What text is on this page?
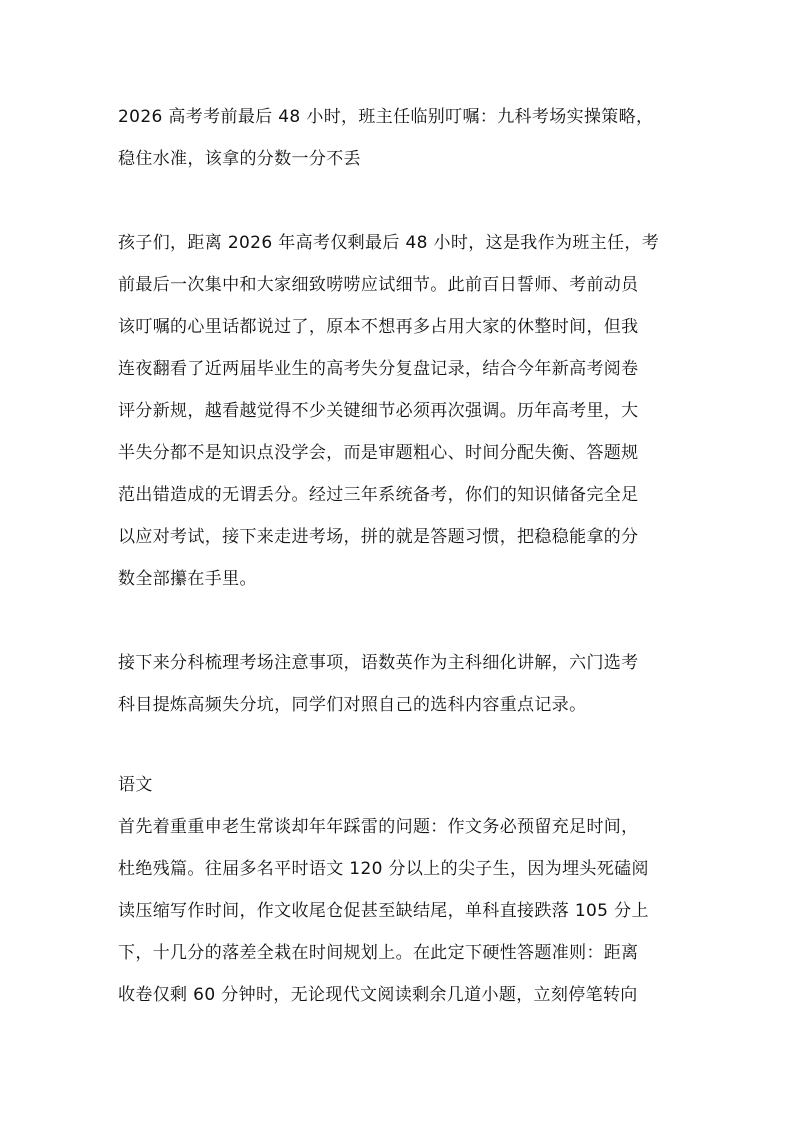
2026 高考考前最后 48 小时，班主任临别叮嘱：九科考场实操策略，
稳住水准，该拿的分数一分不丢
孩子们，距离 2026 年高考仅剩最后 48 小时，这是我作为班主任，考
前最后一次集中和大家细致唠唠应试细节。此前百日誓师、考前动员
该叮嘱的心里话都说过了，原本不想再多占用大家的休整时间，但我
连夜翻看了近两届毕业生的高考失分复盘记录，结合今年新高考阅卷
评分新规，越看越觉得不少关键细节必须再次强调。历年高考里，大
半失分都不是知识点没学会，而是审题粗心、时间分配失衡、答题规
范出错造成的无谓丢分。经过三年系统备考，你们的知识储备完全足
以应对考试，接下来走进考场，拼的就是答题习惯，把稳稳能拿的分
数全部攥在手里。
接下来分科梳理考场注意事项，语数英作为主科细化讲解，六门选考
科目提炼高频失分坑，同学们对照自己的选科内容重点记录。
语文
首先着重重申老生常谈却年年踩雷的问题：作文务必预留充足时间，
杜绝残篇。往届多名平时语文 120 分以上的尖子生，因为埋头死磕阅
读压缩写作时间，作文收尾仓促甚至缺结尾，单科直接跌落 105 分上
下，十几分的落差全栽在时间规划上。在此定下硬性答题准则：距离
收卷仅剩 60 分钟时，无论现代文阅读剩余几道小题，立刻停笔转向
